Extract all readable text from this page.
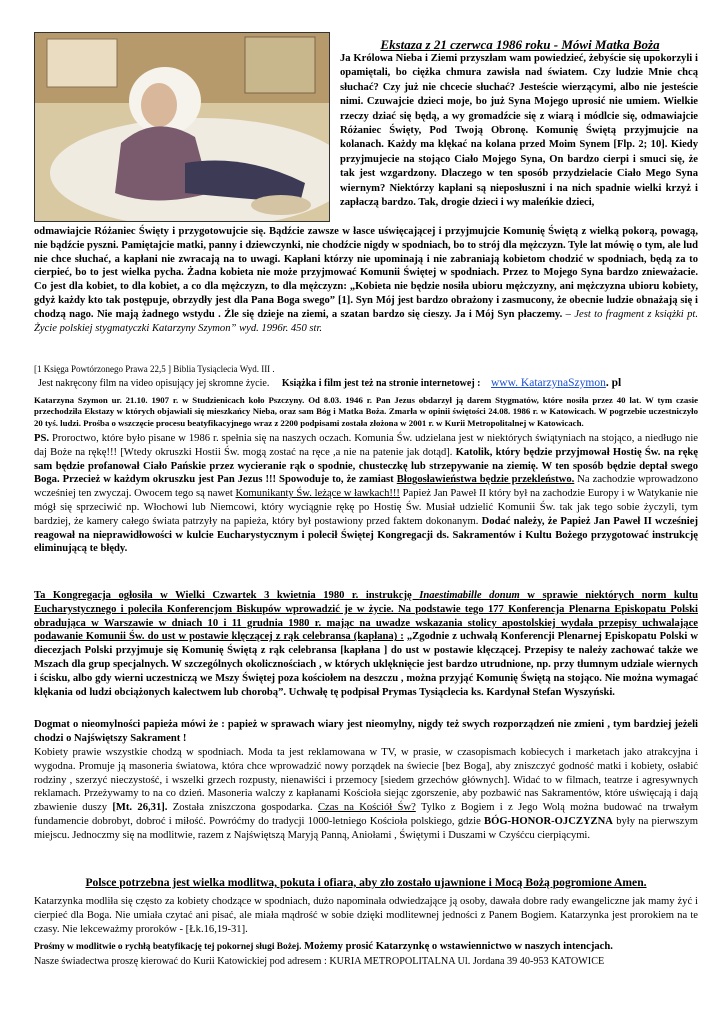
Ekstaza z 21 czerwca 1986 roku - Mówi Matka Boża

Ja Królowa Nieba i Ziemi przyszłam wam powiedzieć, żebyście się upokorzyli i opamiętali, bo ciężka chmura zawisła nad światem. Czy ludzie Mnie chcą słuchać? Czy już nie chcecie słuchać? Jesteście wierzącymi, albo nie jesteście nimi. Czuwajcie dzieci moje, bo już Syna Mojego uprosić nie umiem. Wielkie rzeczy dziać się będą, a wy gromadźcie się z wiarą i módlcie się, odmawiajcie Różaniec Święty, Pod Twoją Obronę. Komunię Świętą przyjmujcie na kolanach. Każdy ma klękać na kolana przed Moim Synem [Flp. 2; 10]. Kiedy przyjmujecie na stojąco Ciało Mojego Syna, On bardzo cierpi i smuci się, że tak jest wzgardzony. Dlaczego w ten sposób przydzielacie Ciało Mego Syna wiernym? Niektórzy kapłani są nieposłuszni i na nich spadnie wielki krzyż i zapłaczą bardzo. Tak, drogie dzieci i wy maleńkie dzieci,

odmawiajcie Różaniec Święty i przygotowujcie się. Bądźcie zawsze w łasce uświęcającej i przyjmujcie Komunię Świętą z wielką pokorą, powagą, nie bądźcie pyszni. Pamiętajcie matki, panny i dziewczynki, nie chodźcie nigdy w spodniach, bo to strój dla mężczyzn. Tyle lat mówię o tym, ale lud nie chce słuchać, a kapłani nie zwracają na to uwagi. Kapłani którzy nie upominają i nie zabraniają kobietom chodzić w spodniach, będą za to cierpieć, bo to jest wielka pycha. Żadna kobieta nie może przyjmować Komunii Świętej w spodniach. Przez to Mojego Syna bardzo znieważacie. Co jest dla kobiet, to dla kobiet, a co dla mężczyzn, to dla mężczyzn: „Kobieta nie będzie nosiła ubioru mężczyzny, ani mężczyzna ubioru kobiety, gdyż każdy kto tak postępuje, obrzydły jest dla Pana Boga swego” [1]. Syn Mój jest bardzo obrażony i zasmucony, że obecnie ludzie obnażają się i chodzą nago. Nie mają żadnego wstydu . Źle się dzieje na ziemi, a szatan bardzo się cieszy. Ja i Mój Syn płaczemy. – Jest to fragment z książki pt. Życie polskiej stygmatyczki Katarzyny Szymon” wyd. 1996r. 450 str.

[1 Księga Powtórzonego Prawa 22,5 ] Biblia Tysiąclecia Wyd. III .

Jest nakręcony film na video opisujący jej skromne życie. Książka i film jest też na stronie internetowej : www. KatarzynaSzymon. pl

Katarzyna Szymon ur. 21.10. 1907 r. w Studzienicach koło Pszczyny. Od 8.03. 1946 r. Pan Jezus obdarzył ją darem Stygmatów, które nosiła przez 40 lat. W tym czasie przechodziła Ekstazy w których objawiali się mieszkańcy Nieba, oraz sam Bóg i Matka Boża. Zmarła w opinii świętości 24.08. 1986 r. w Katowicach. W pogrzebie uczestniczyło 20 tyś. ludzi. Prośba o wszczęcie procesu beatyfikacyjnego wraz z 2200 podpisami została złożona w 2001 r. w Kurii Metropolitalnej w Katowicach.

PS. Proroctwo, które było pisane w 1986 r. spełnia się na naszych oczach. Komunia Św. udzielana jest w niektórych świątyniach na stojąco, a niedługo nie daj Boże na rękę!!! [Wtedy okruszki Hostii Św. mogą zostać na ręce ,a nie na patenie jak dotąd]. Katolik, który będzie przyjmował Hostię Św. na rękę sam będzie profanował Ciało Pańskie przez wycieranie rąk o spodnie, chusteczkę lub strzepywanie na ziemię. W ten sposób będzie deptał swego Boga. Przecież w każdym okruszku jest Pan Jezus !!! Spowoduje to, że zamiast Błogosławieństwa będzie przekleństwo. Na zachodzie wprowadzono wcześniej ten zwyczaj. Owocem tego są nawet Komunikanty Św. leżące w ławkach!!! Papież Jan Paweł II który był na zachodzie Europy i w Watykanie nie mógł się sprzeciwić np. Włochowi lub Niemcowi, który wyciągnie rękę po Hostię Św. Musiał udzielić Komunii Św. tak jak tego sobie życzyli, tym bardziej, że kamery całego świata patrzyły na papieża, który był postawiony przed faktem dokonanym. Dodać należy, że Papież Jan Paweł II wcześniej reagował na nieprawidłowości w kulcie Eucharystycznym i polecił Świętej Kongregacji ds. Sakramentów i Kultu Bożego przygotować instrukcję eliminującą te błędy.

Ta Kongregacja ogłosiła w Wielki Czwartek 3 kwietnia 1980 r. instrukcję Inaestimabille donum w sprawie niektórych norm kultu Eucharystycznego i poleciła Konferencjom Biskupów wprowadzić je w życie. Na podstawie tego 177 Konferencja Plenarna Episkopatu Polski obradująca w Warszawie w dniach 10 i 11 grudnia 1980 r. mając na uwadze wskazania stolicy apostolskiej wydała przepisy uchwalające podawanie Komunii Św. do ust w postawie klęczącej z rąk celebransa (kapłana) : „Zgodnie z uchwałą Konferencji Plenarnej Episkopatu Polski w diecezjach Polski przyjmuje się Komunię Świętą z rąk celebransa [kapłana ] do ust w postawie klęczącej. Przepisy te należy zachować także we Mszach dla grup specjalnych. W szczególnych okolicznościach , w których uklęknięcie jest bardzo utrudnione, np. przy tłumnym udziale wiernych i ścisku, albo gdy wierni uczestniczą we Mszy Świętej poza kościołem na deszczu , można przyjąć Komunię Świętą na stojąco. Nie można wymagać klękania od ludzi obciążonych kalectwem lub chorobą”. Uchwałę tę podpisał Prymas Tysiąclecia ks. Kardynał Stefan Wyszyński.

Dogmat o nieomylności papieża mówi że : papież w sprawach wiary jest nieomylny, nigdy też swych rozporządzeń nie zmieni , tym bardziej jeżeli chodzi o Najświętszy Sakrament !

Kobiety prawie wszystkie chodzą w spodniach. Moda ta jest reklamowana w TV, w prasie, w czasopismach kobiecych i marketach jako atrakcyjna i wygodna. Promuje ją masoneria światowa, która chce wprowadzić nowy porządek na świecie [bez Boga], aby zniszczyć godność matki i kobiety, osłabić rodziny , szerzyć nieczystość, i wszelki grzech rozpusty, nienawiści i przemocy [siedem grzechów głównych]. Widać to w filmach, teatrze i agresywnych reklamach. Przeżywamy to na co dzień. Masoneria walczy z kapłanami Kościoła siejąc zgorszenie, aby pozbawić nas Sakramentów, które uświęcają i dają zbawienie duszy [Mt. 26,31]. Została zniszczona gospodarka. Czas na Kościół Św? Tylko z Bogiem i z Jego Wolą można budować na trwałym fundamencie dobrobyt, dobroć i miłość. Powróćmy do tradycji 1000-letniego Kościoła polskiego, gdzie BÓG-HONOR-OJCZYZNA były na pierwszym miejscu. Jednoczmy się na modlitwie, razem z Najświętszą Maryją Panną, Aniołami , Świętymi i Duszami w Czyśćcu cierpiącymi.

Polsce potrzebna jest wielka modlitwa, pokuta i ofiara, aby zło zostało ujawnione i Mocą Bożą pogromione Amen.

Katarzynka modliła się często za kobiety chodzące w spodniach, dużo napominała odwiedzające ją osoby, dawała dobre rady ewangeliczne jak mamy żyć i cierpieć dla Boga. Nie umiała czytać ani pisać, ale miała mądrość w sobie dzięki modlitewnej jedności z Panem Bogiem. Katarzynka jest prorokiem na te czasy. Nie lekceważmy proroków - [Łk.16,19-31].

Prośmy w modlitwie o rychłą beatyfikację tej pokornej sługi Bożej. Możemy prosić Katarzynkę o wstawiennictwo w naszych intencjach.
Nasze świadectwa proszę kierować do Kurii Katowickiej pod adresem : KURIA METROPOLITALNA Ul. Jordana 39 40-953 KATOWICE
